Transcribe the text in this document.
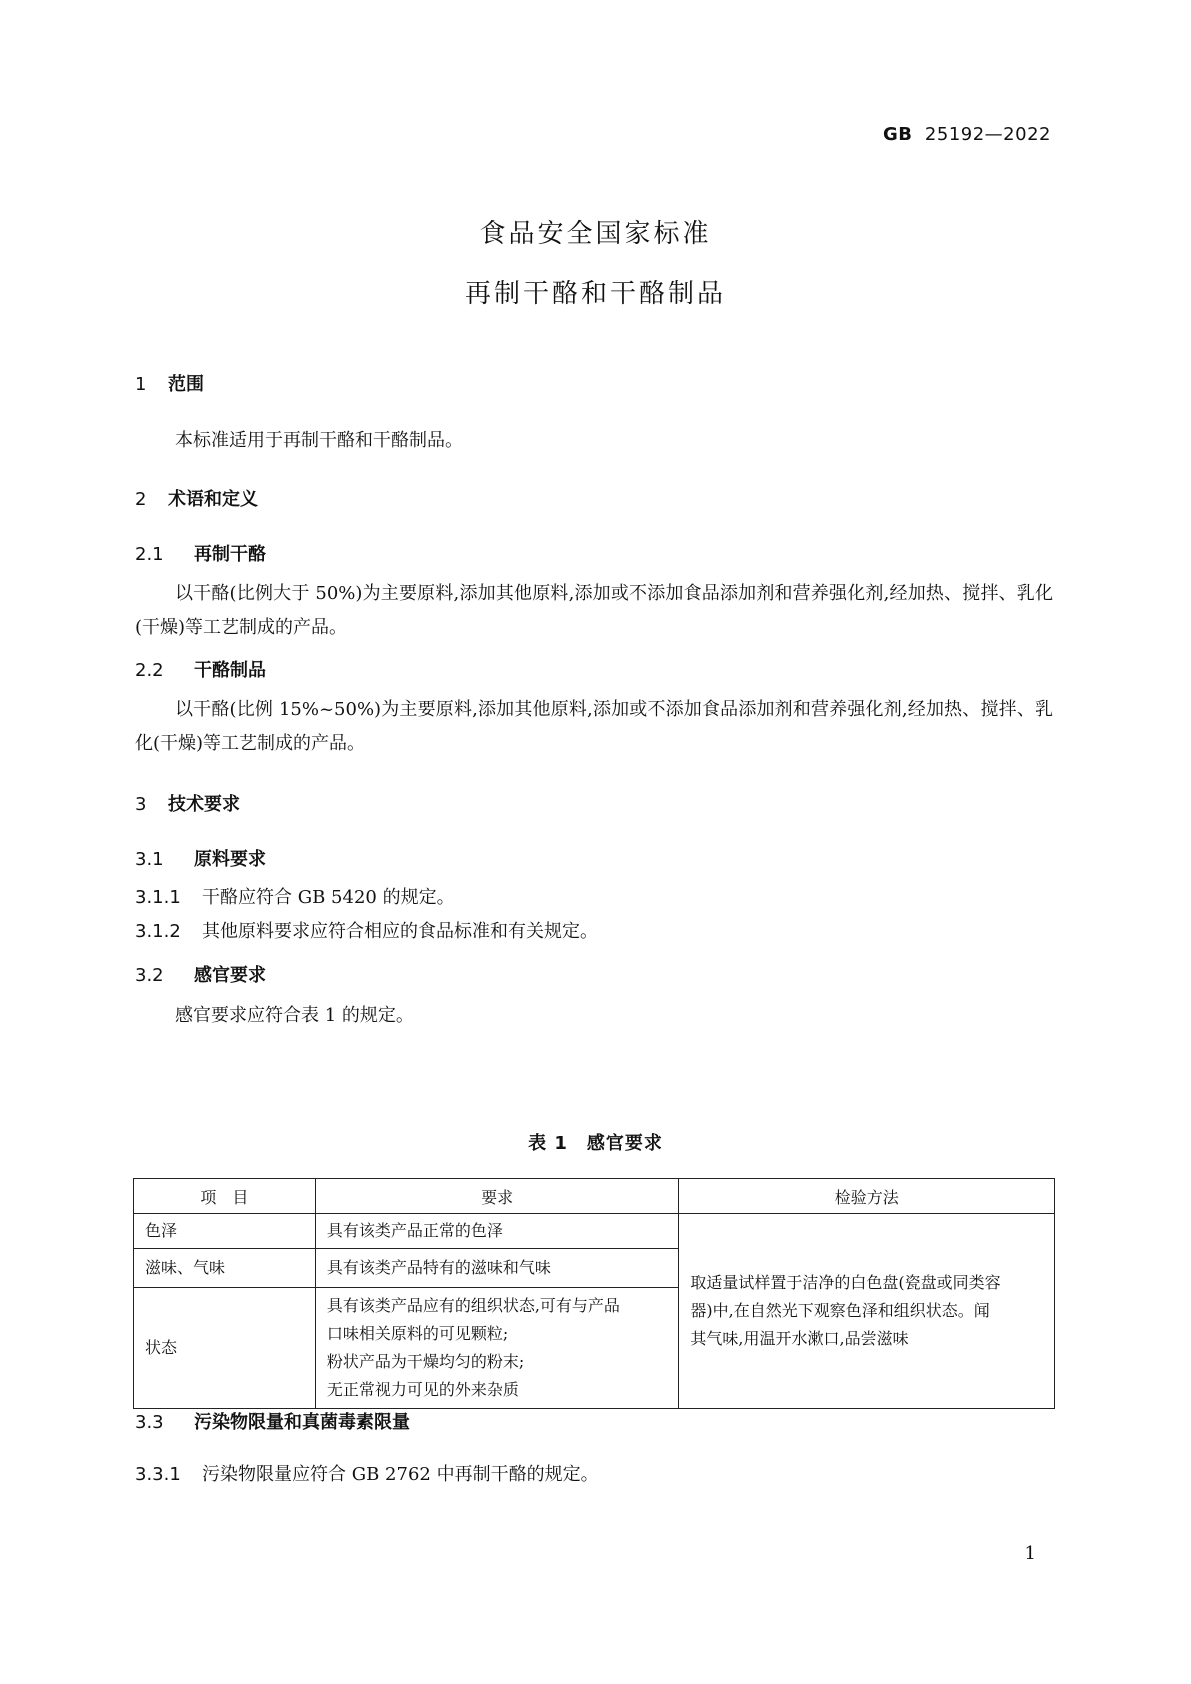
GB 25192—2022
食品安全国家标准
再制干酪和干酪制品
1 范围
本标准适用于再制干酪和干酪制品。
2 术语和定义
2.1 再制干酪
以干酪(比例大于 50%)为主要原料,添加其他原料,添加或不添加食品添加剂和营养强化剂,经加热、搅拌、乳化(干燥)等工艺制成的产品。
2.2 干酪制品
以干酪(比例 15%~50%)为主要原料,添加其他原料,添加或不添加食品添加剂和营养强化剂,经加热、搅拌、乳化(干燥)等工艺制成的产品。
3 技术要求
3.1 原料要求
3.1.1 干酪应符合 GB 5420 的规定。
3.1.2 其他原料要求应符合相应的食品标准和有关规定。
3.2 感官要求
感官要求应符合表 1 的规定。
表 1　感官要求
项　目	要求	检验方法
色泽	具有该类产品正常的色泽	取适量试样置于洁净的白色盘(瓷盘或同类容
器)中,在自然光下观察色泽和组织状态。闻
其气味,用温开水漱口,品尝滋味

滋味、气味	具有该类产品特有的滋味和气味	
状态	具有该类产品应有的组织状态,可有与产品
口味相关原料的可见颗粒;
粉状产品为干燥均匀的粉末;
无正常视力可见的外来杂质	
3.3 污染物限量和真菌毒素限量
3.3.1 污染物限量应符合 GB 2762 中再制干酪的规定。
1
